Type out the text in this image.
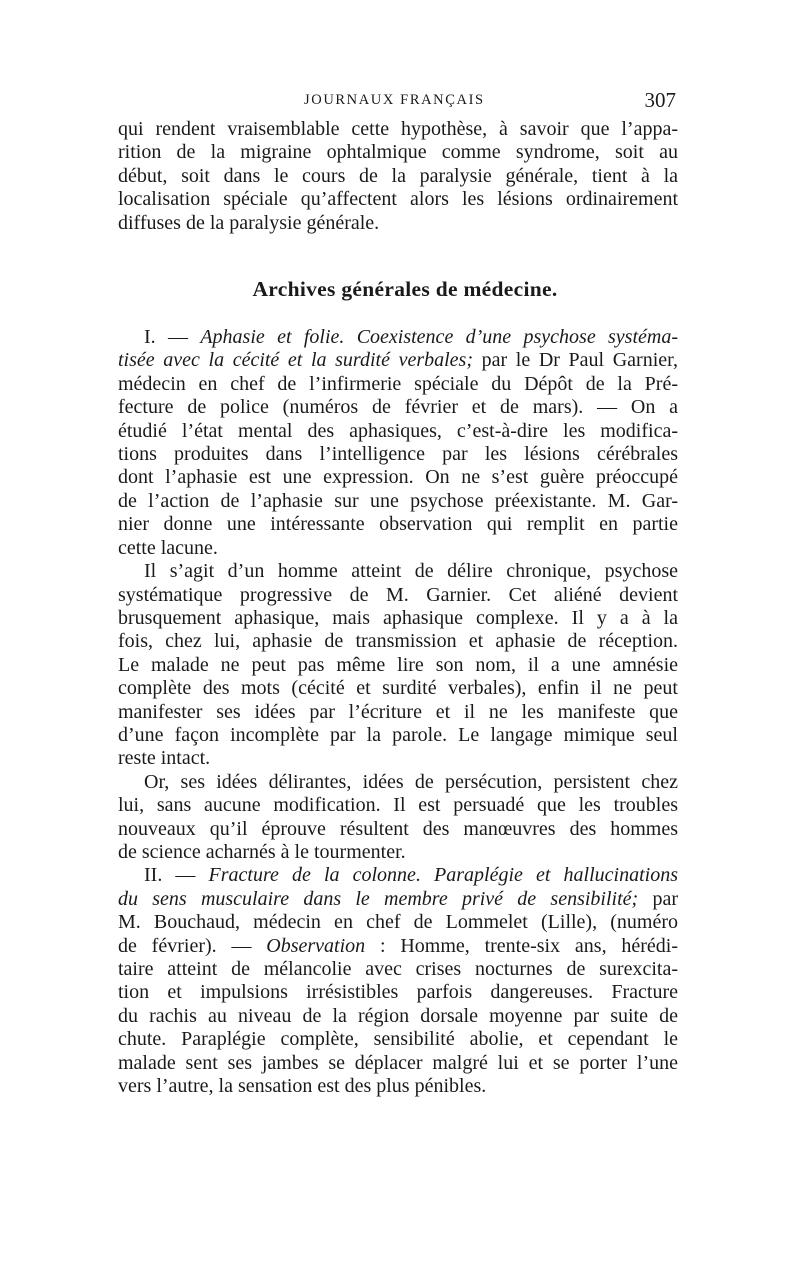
JOURNAUX FRANÇAIS	307

qui rendent vraisemblable cette hypothèse, à savoir que l’appa-
rition de la migraine ophtalmique comme syndrome, soit au
début, soit dans le cours de la paralysie générale, tient à la
localisation spéciale qu’affectent alors les lésions ordinairement
diffuses de la paralysie générale.

Archives générales de médecine.

I. — Aphasie et folie. Coexistence d’une psychose systéma-
tisée avec la cécité et la surdité verbales; par le Dr Paul Garnier,
médecin en chef de l’infirmerie spéciale du Dépôt de la Pré-
fecture de police (numéros de février et de mars). — On a
étudié l’état mental des aphasiques, c’est-à-dire les modifica-
tions produites dans l’intelligence par les lésions cérébrales
dont l’aphasie est une expression. On ne s’est guère préoccupé
de l’action de l’aphasie sur une psychose préexistante. M. Gar-
nier donne une intéressante observation qui remplit en partie
cette lacune.

Il s’agit d’un homme atteint de délire chronique, psychose
systématique progressive de M. Garnier. Cet aliéné devient
brusquement aphasique, mais aphasique complexe. Il y a à la
fois, chez lui, aphasie de transmission et aphasie de réception.
Le malade ne peut pas même lire son nom, il a une amnésie
complète des mots (cécité et surdité verbales), enfin il ne peut
manifester ses idées par l’écriture et il ne les manifeste que
d’une façon incomplète par la parole. Le langage mimique seul
reste intact.

Or, ses idées délirantes, idées de persécution, persistent chez
lui, sans aucune modification. Il est persuadé que les troubles
nouveaux qu’il éprouve résultent des manœuvres des hommes
de science acharnés à le tourmenter.

II. — Fracture de la colonne. Paraplégie et hallucinations
du sens musculaire dans le membre privé de sensibilité; par
M. Bouchaud, médecin en chef de Lommelet (Lille), (numéro
de février). — Observation : Homme, trente-six ans, hérédi-
taire atteint de mélancolie avec crises nocturnes de surexcita-
tion et impulsions irrésistibles parfois dangereuses. Fracture
du rachis au niveau de la région dorsale moyenne par suite de
chute. Paraplégie complète, sensibilité abolie, et cependant le
malade sent ses jambes se déplacer malgré lui et se porter l’une
vers l’autre, la sensation est des plus pénibles.
